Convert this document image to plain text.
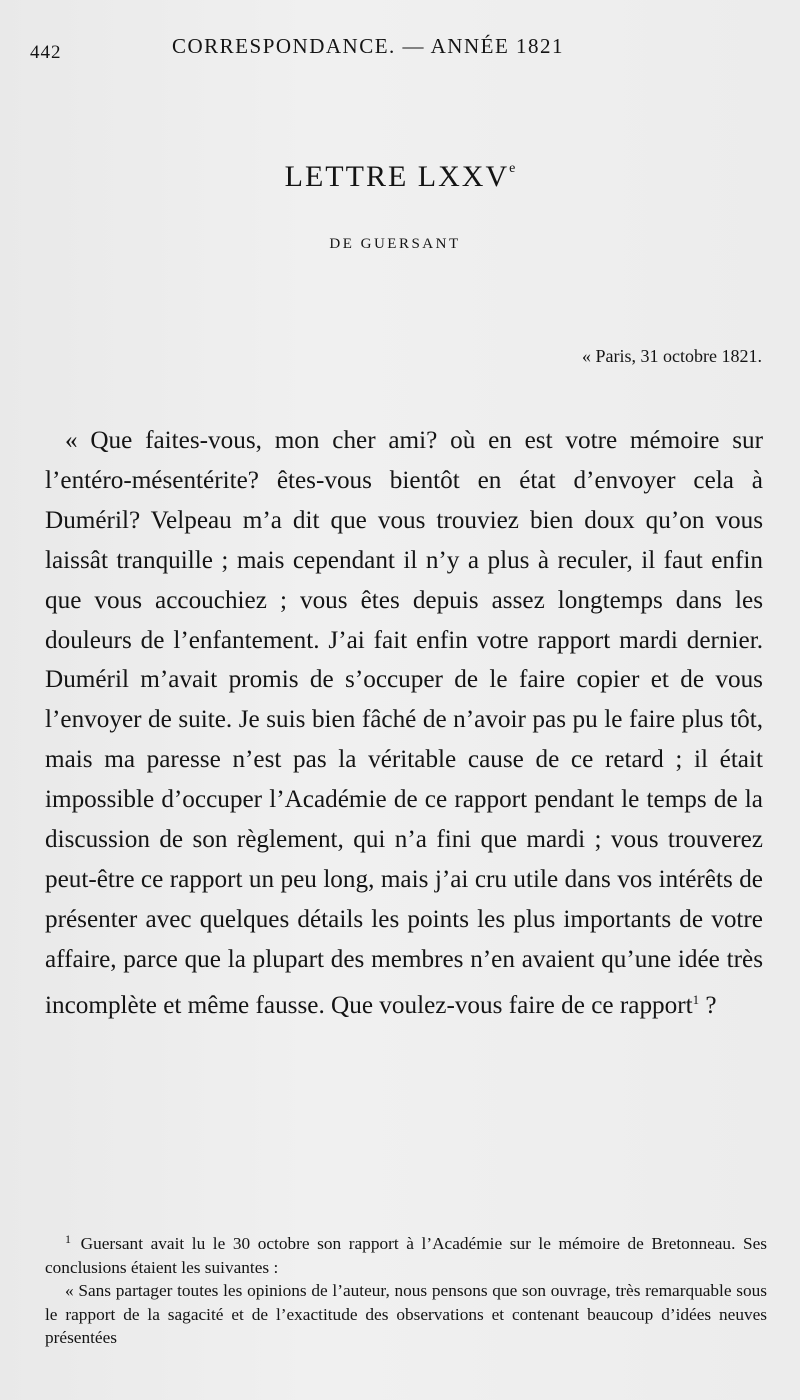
442	CORRESPONDANCE. — ANNÉE 1821
LETTRE LXXVe
DE GUERSANT
« Paris, 31 octobre 1821.

« Que faites-vous, mon cher ami? où en est votre mémoire sur l’entéro-mésentérite? êtes-vous bientôt en état d’envoyer cela à Duméril? Velpeau m’a dit que vous trouviez bien doux qu’on vous laissât tranquille ; mais cependant il n’y a plus à reculer, il faut enfin que vous accouchiez ; vous êtes depuis assez longtemps dans les douleurs de l’enfantement. J’ai fait enfin votre rapport mardi dernier. Duméril m’avait promis de s’occuper de le faire copier et de vous l’envoyer de suite. Je suis bien fâché de n’avoir pas pu le faire plus tôt, mais ma paresse n’est pas la véritable cause de ce retard ; il était impossible d’occuper l’Académie de ce rapport pendant le temps de la discussion de son règlement, qui n’a fini que mardi ; vous trouverez peut-être ce rapport un peu long, mais j’ai cru utile dans vos intérêts de présenter avec quelques détails les points les plus importants de votre affaire, parce que la plupart des membres n’en avaient qu’une idée très incomplète et même fausse. Que voulez-vous faire de ce rapport$^1$ ?

$^1$ Guersant avait lu le 30 octobre son rapport à l’Académie sur le mémoire de Bretonneau. Ses conclusions étaient les suivantes :

« Sans partager toutes les opinions de l’auteur, nous pensons que son ouvrage, très remarquable sous le rapport de la sagacité et de l’exactitude des observations et contenant beaucoup d’idées neuves présentées
